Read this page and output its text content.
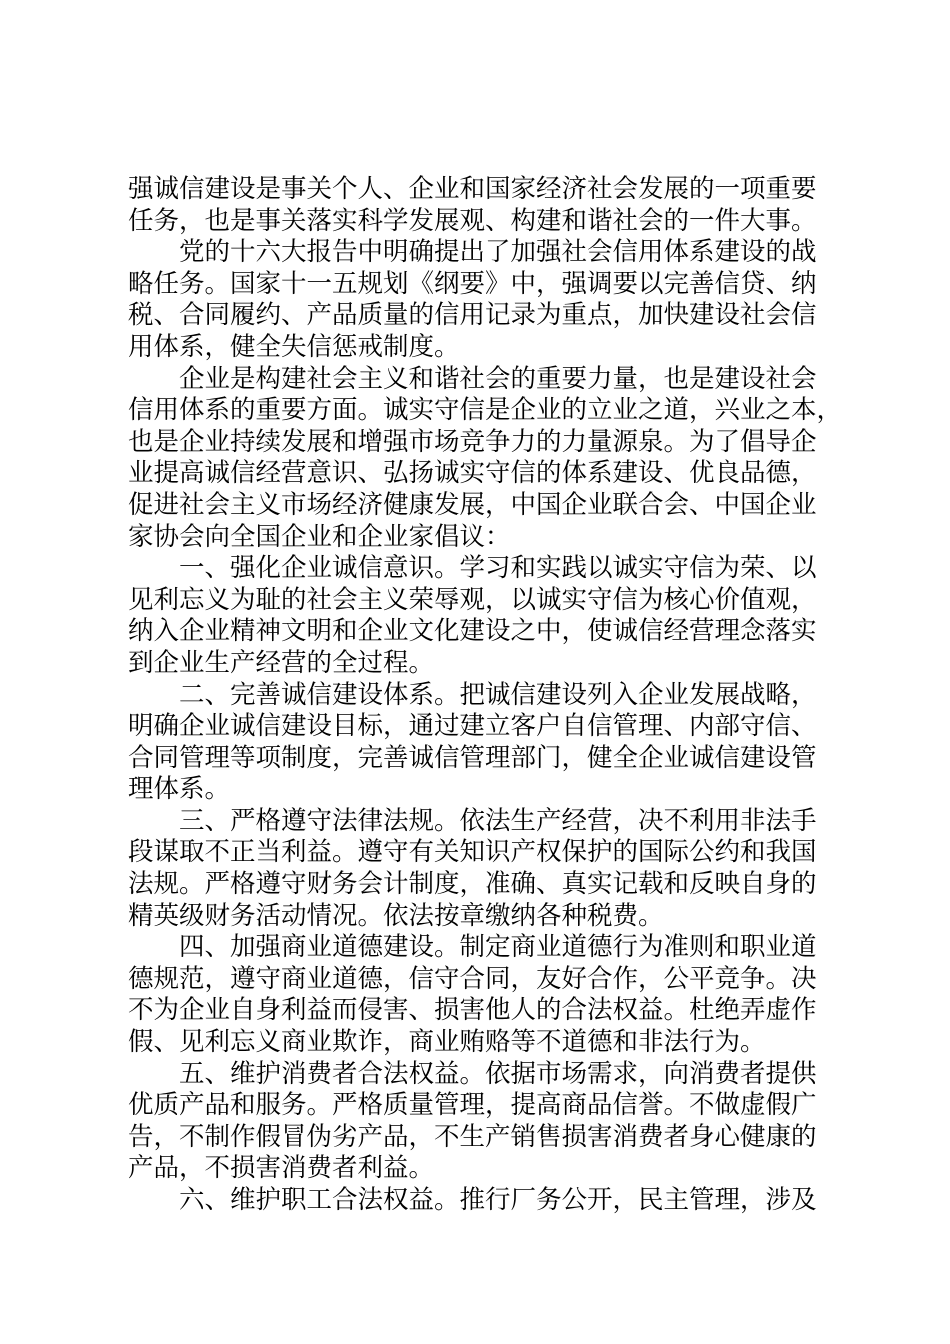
强诚信建设是事关个人、企业和国家经济社会发展的一项重要
任务，也是事关落实科学发展观、构建和谐社会的一件大事。
党的十六大报告中明确提出了加强社会信用体系建设的战
略任务。国家十一五规划《纲要》中，强调要以完善信贷、纳
税、合同履约、产品质量的信用记录为重点，加快建设社会信
用体系，健全失信惩戒制度。
企业是构建社会主义和谐社会的重要力量，也是建设社会
信用体系的重要方面。诚实守信是企业的立业之道，兴业之本，
也是企业持续发展和增强市场竞争力的力量源泉。为了倡导企
业提高诚信经营意识、弘扬诚实守信的体系建设、优良品德，
促进社会主义市场经济健康发展，中国企业联合会、中国企业
家协会向全国企业和企业家倡议：
一、强化企业诚信意识。学习和实践以诚实守信为荣、以
见利忘义为耻的社会主义荣辱观，以诚实守信为核心价值观，
纳入企业精神文明和企业文化建设之中，使诚信经营理念落实
到企业生产经营的全过程。
二、完善诚信建设体系。把诚信建设列入企业发展战略，
明确企业诚信建设目标，通过建立客户自信管理、内部守信、
合同管理等项制度，完善诚信管理部门，健全企业诚信建设管
理体系。
三、严格遵守法律法规。依法生产经营，决不利用非法手
段谋取不正当利益。遵守有关知识产权保护的国际公约和我国
法规。严格遵守财务会计制度，准确、真实记载和反映自身的
精英级财务活动情况。依法按章缴纳各种税费。
四、加强商业道德建设。制定商业道德行为准则和职业道
德规范，遵守商业道德，信守合同，友好合作，公平竞争。决
不为企业自身利益而侵害、损害他人的合法权益。杜绝弄虚作
假、见利忘义商业欺诈，商业贿赂等不道德和非法行为。
五、维护消费者合法权益。依据市场需求，向消费者提供
优质产品和服务。严格质量管理，提高商品信誉。不做虚假广
告，不制作假冒伪劣产品，不生产销售损害消费者身心健康的
产品，不损害消费者利益。
六、维护职工合法权益。推行厂务公开，民主管理，涉及
